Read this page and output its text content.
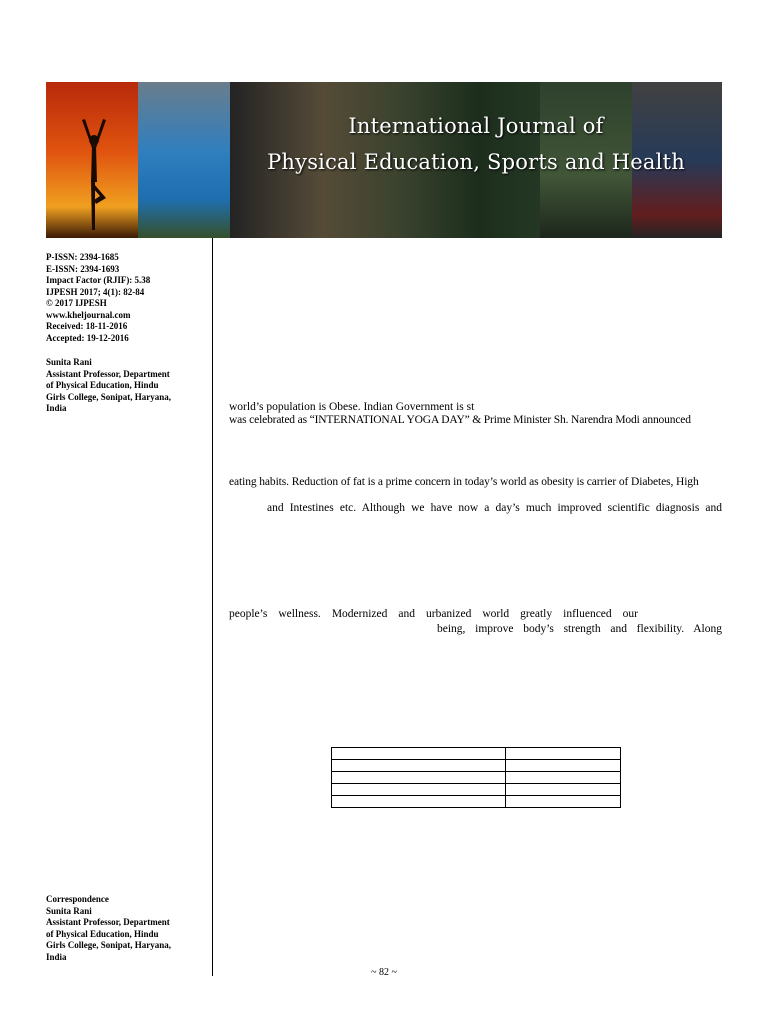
International Journal of
Physical Education, Sports and Health
P-ISSN: 2394-1685
E-ISSN: 2394-1693
Impact Factor (RJIF): 5.38
IJPESH 2017; 4(1): 82-84
© 2017 IJPESH
www.kheljournal.com
Received: 18-11-2016
Accepted: 19-12-2016
Sunita Rani
Assistant Professor, Department
of Physical Education, Hindu
Girls College, Sonipat, Haryana,
India
Correspondence
Sunita Rani
Assistant Professor, Department
of Physical Education, Hindu
Girls College, Sonipat, Haryana,
India
world’s population is Obese. Indian Government is st
was celebrated as “INTERNATIONAL YOGA DAY” & Prime Minister Sh. Narendra Modi announced
eating habits. Reduction of fat is a prime concern in today’s world as obesity is carrier of Diabetes, High
and Intestines etc. Although we have now a day’s much improved scientific diagnosis and
people’s wellness. Modernized and urbanized world greatly influenced our
being, improve body’s strength and flexibility. Along

~ 82 ~
